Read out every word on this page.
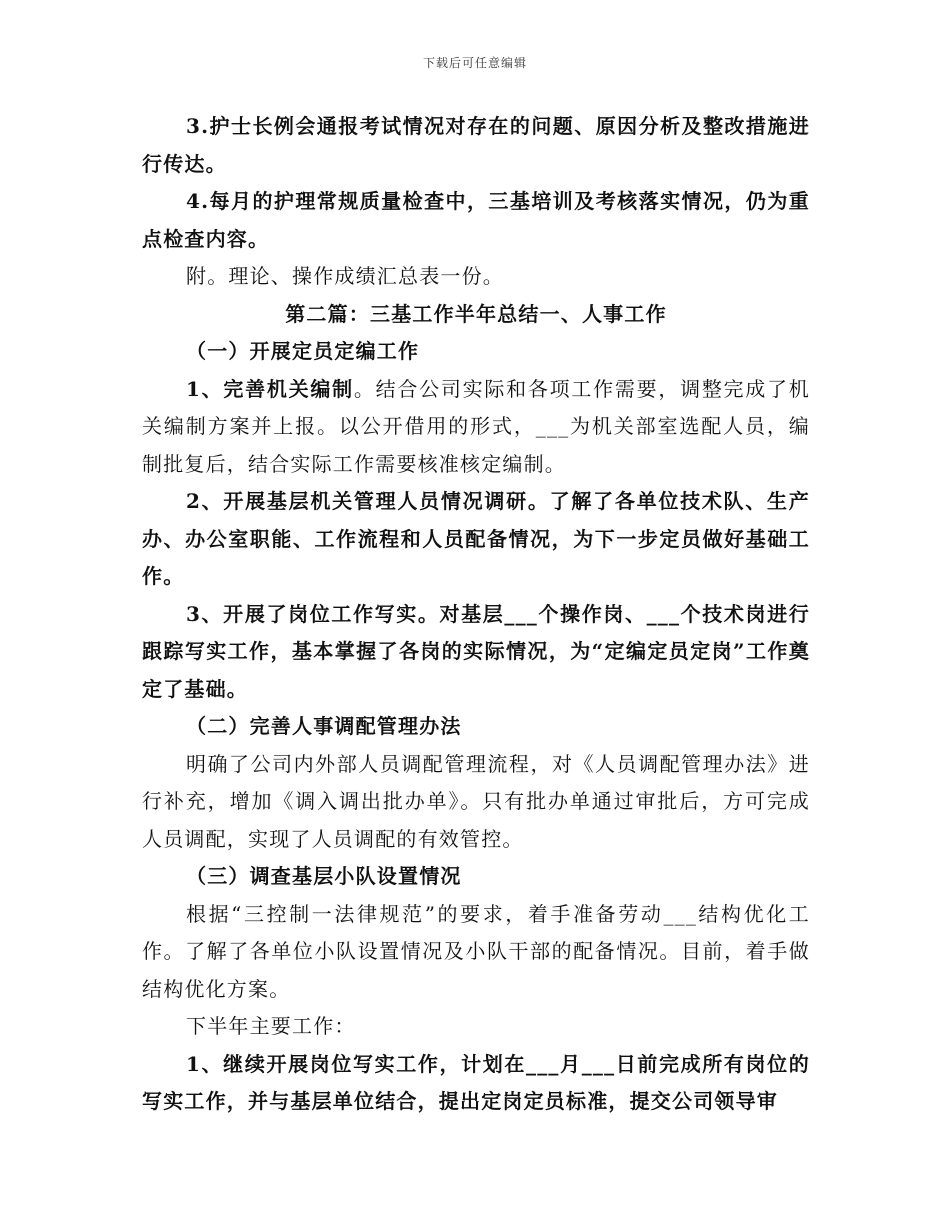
下载后可任意编辑

3.护士长例会通报考试情况对存在的问题、原因分析及整改措施进行传达。

4.每月的护理常规质量检查中，三基培训及考核落实情况，仍为重点检查内容。

附。理论、操作成绩汇总表一份。

第二篇：三基工作半年总结一、人事工作

（一）开展定员定编工作

1、完善机关编制。结合公司实际和各项工作需要，调整完成了机关编制方案并上报。以公开借用的形式，___为机关部室选配人员，编制批复后，结合实际工作需要核准核定编制。

2、开展基层机关管理人员情况调研。了解了各单位技术队、生产办、办公室职能、工作流程和人员配备情况，为下一步定员做好基础工作。

3、开展了岗位工作写实。对基层___个操作岗、___个技术岗进行跟踪写实工作，基本掌握了各岗的实际情况，为“定编定员定岗”工作奠定了基础。

（二）完善人事调配管理办法

明确了公司内外部人员调配管理流程，对《人员调配管理办法》进行补充，增加《调入调出批办单》。只有批办单通过审批后，方可完成人员调配，实现了人员调配的有效管控。

（三）调查基层小队设置情况

根据“三控制一法律规范”的要求，着手准备劳动___结构优化工作。了解了各单位小队设置情况及小队干部的配备情况。目前，着手做结构优化方案。

下半年主要工作：

1、继续开展岗位写实工作，计划在___月___日前完成所有岗位的写实工作，并与基层单位结合，提出定岗定员标准，提交公司领导审
